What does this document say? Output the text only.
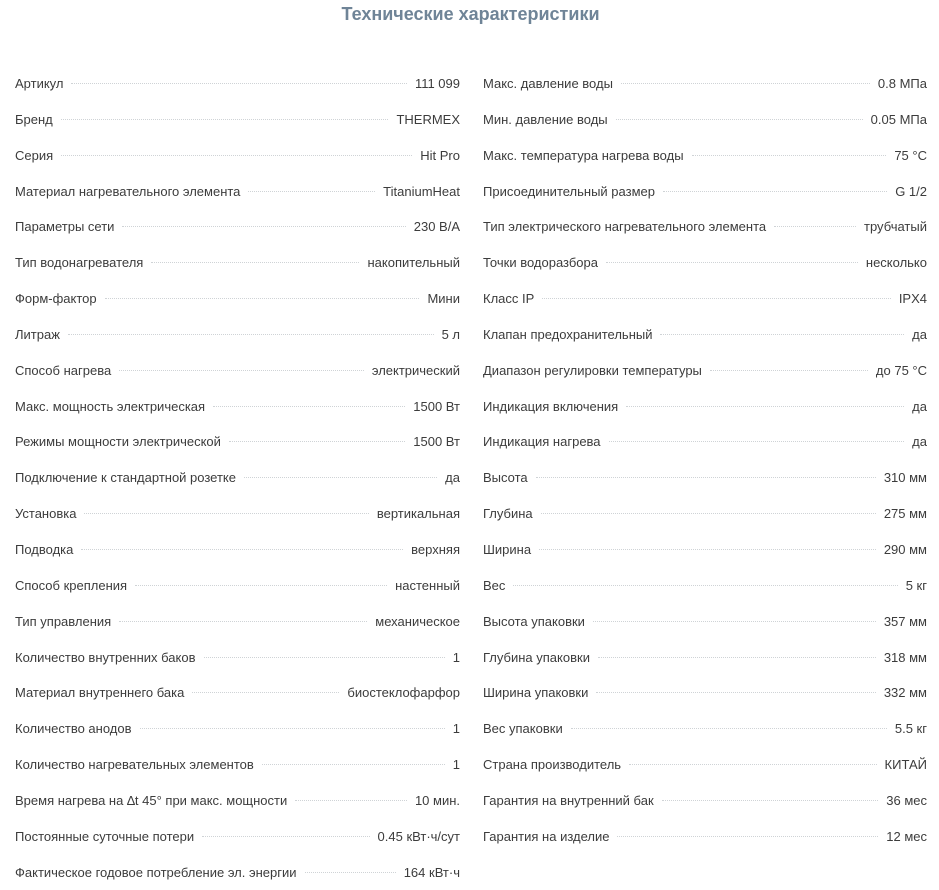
Технические характеристики
Артикул	111 099
Бренд	THERMEX
Серия	Hit Pro
Материал нагревательного элемента	TitaniumHeat
Параметры сети	230 В/А
Тип водонагревателя	накопительный
Форм-фактор	Мини
Литраж	5 л
Способ нагрева	электрический
Макс. мощность электрическая	1500 Вт
Режимы мощности электрической	1500 Вт
Подключение к стандартной розетке	да
Установка	вертикальная
Подводка	верхняя
Способ крепления	настенный
Тип управления	механическое
Количество внутренних баков	1
Материал внутреннего бака	биостеклофарфор
Количество анодов	1
Количество нагревательных элементов	1
Время нагрева на ∆t 45° при макс. мощности	10 мин.
Постоянные суточные потери	0.45 кВт·ч/сут
Фактическое годовое потребление эл. энергии	164 кВт·ч
Макс. давление воды	0.8 МПа
Мин. давление воды	0.05 МПа
Макс. температура нагрева воды	75 °C
Присоединительный размер	G 1/2
Тип электрического нагревательного элемента	трубчатый
Точки водоразбора	несколько
Класс IP	IPX4
Клапан предохранительный	да
Диапазон регулировки температуры	до 75 °C
Индикация включения	да
Индикация нагрева	да
Высота	310 мм
Глубина	275 мм
Ширина	290 мм
Вес	5 кг
Высота упаковки	357 мм
Глубина упаковки	318 мм
Ширина упаковки	332 мм
Вес упаковки	5.5 кг
Страна производитель	КИТАЙ
Гарантия на внутренний бак	36 мес
Гарантия на изделие	12 мес
